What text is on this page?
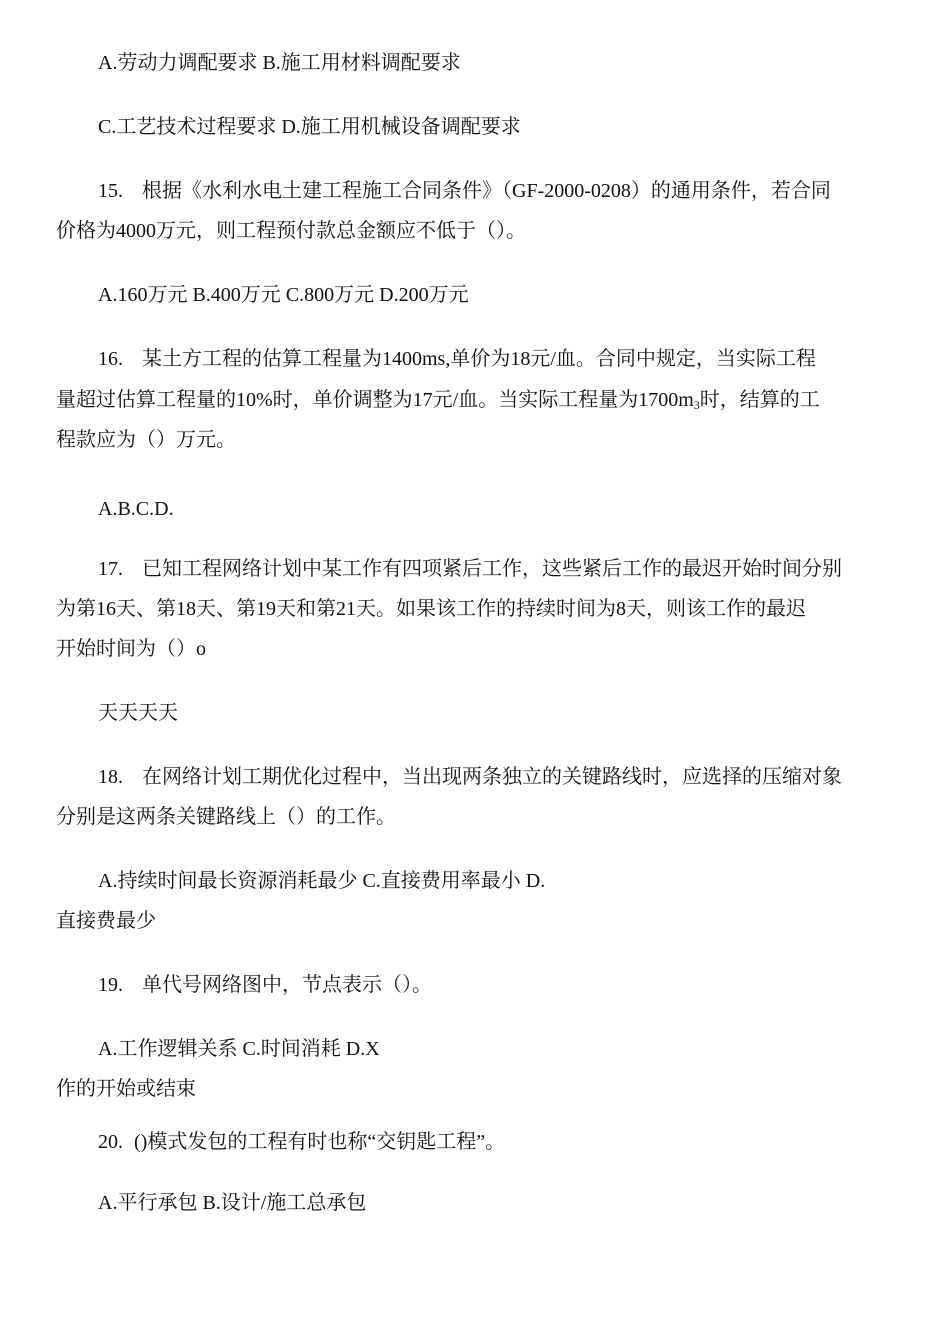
A.劳动力调配要求 B.施工用材料调配要求
C.工艺技术过程要求 D.施工用机械设备调配要求
15. 根据《水利水电土建工程施工合同条件》（GF-2000-0208）的通用条件，若合同
价格为4000万元，则工程预付款总金额应不低于（）。
A.160万元 B.400万元 C.800万元 D.200万元
16. 某土方工程的估算工程量为1400ms,单价为18元/血。合同中规定，当实际工程
量超过估算工程量的10%时，单价调整为17元/血。当实际工程量为$1700m_3$时，结算的工
程款应为（）万元。
A.B.C.D.
17. 已知工程网络计划中某工作有四项紧后工作，这些紧后工作的最迟开始时间分别
为第16天、第18天、第19天和第21天。如果该工作的持续时间为8天，则该工作的最迟
开始时间为（）o
天天天天
18. 在网络计划工期优化过程中，当出现两条独立的关键路线时，应选择的压缩对象
分别是这两条关键路线上（）的工作。
A.持续时间最长资源消耗最少 C.直接费用率最小 D.
直接费最少
19. 单代号网络图中，节点表示（）。
A.工作逻辑关系 C.时间消耗 D.X
作的开始或结束
20. ()模式发包的工程有时也称“交钥匙工程”。
A.平行承包 B.设计/施工总承包
